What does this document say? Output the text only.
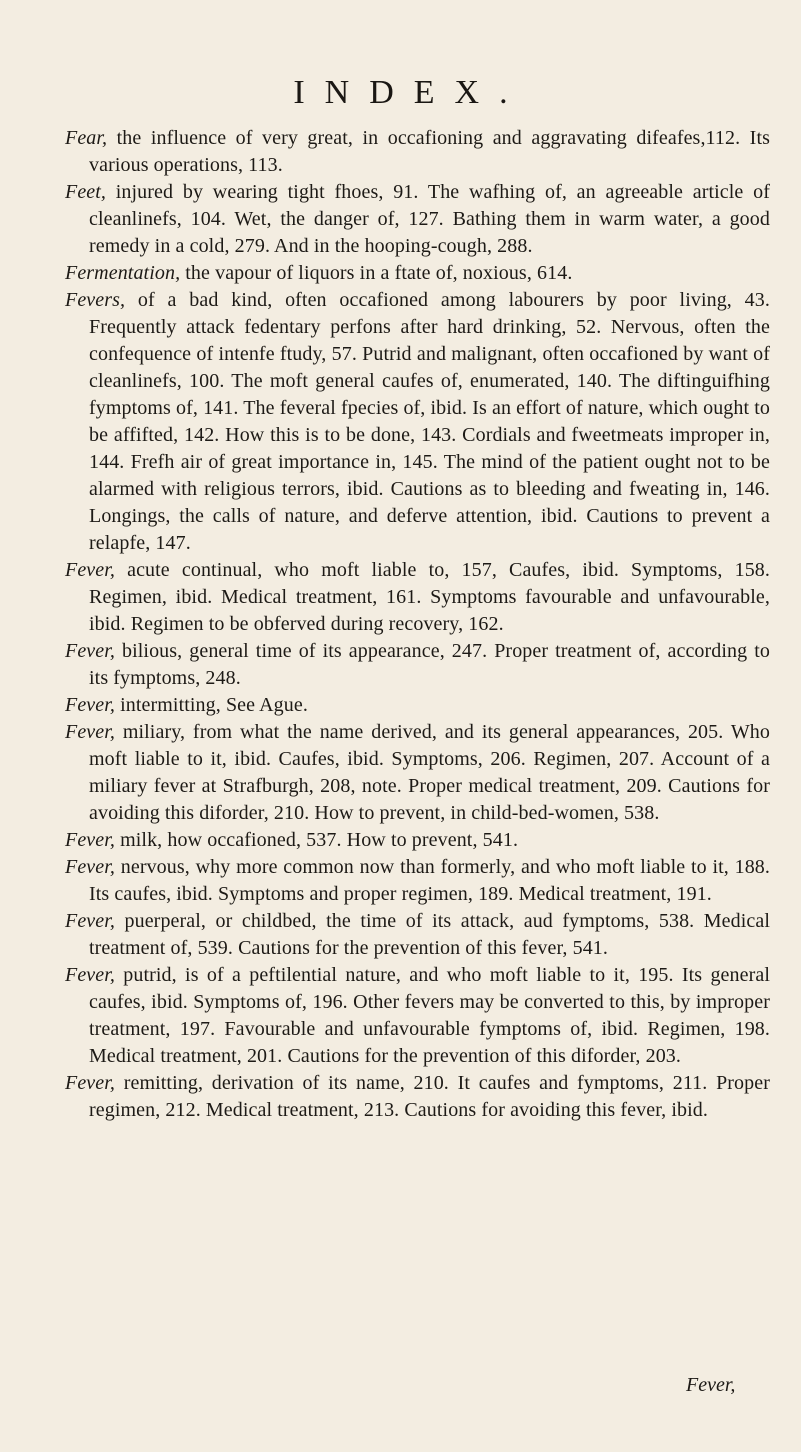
INDEX.

Fear, the influence of very great, in occafioning and aggravating difeafes,112. Its various operations, 113.

Feet, injured by wearing tight fhoes, 91. The wafhing of, an agreeable article of cleanlinefs, 104. Wet, the danger of, 127. Bathing them in warm water, a good remedy in a cold, 279. And in the hooping-cough, 288.

Fermentation, the vapour of liquors in a ftate of, noxious, 614.

Fevers, of a bad kind, often occafioned among labourers by poor living, 43. Frequently attack fedentary perfons after hard drinking, 52. Nervous, often the confequence of intenfe ftudy, 57. Putrid and malignant, often occafioned by want of cleanlinefs, 100. The moft general caufes of, enumerated, 140. The diftinguifhing fymptoms of, 141. The feveral fpecies of, ibid. Is an effort of nature, which ought to be affifted, 142. How this is to be done, 143. Cordials and fweetmeats improper in, 144. Frefh air of great importance in, 145. The mind of the patient ought not to be alarmed with religious terrors, ibid. Cautions as to bleeding and fweating in, 146. Longings, the calls of nature, and deferve attention, ibid. Cautions to prevent a relapfe, 147.

Fever, acute continual, who moft liable to, 157, Caufes, ibid. Symptoms, 158. Regimen, ibid. Medical treatment, 161. Symptoms favourable and unfavourable, ibid. Regimen to be obferved during recovery, 162.

Fever, bilious, general time of its appearance, 247. Proper treatment of, according to its fymptoms, 248.

Fever, intermitting, See Ague.

Fever, miliary, from what the name derived, and its general appearances, 205. Who moft liable to it, ibid. Caufes, ibid. Symptoms, 206. Regimen, 207. Account of a miliary fever at Strafburgh, 208, note. Proper medical treatment, 209. Cautions for avoiding this diforder, 210. How to prevent, in child-bed-women, 538.

Fever, milk, how occafioned, 537. How to prevent, 541.

Fever, nervous, why more common now than formerly, and who moft liable to it, 188. Its caufes, ibid. Symptoms and proper regimen, 189. Medical treatment, 191.

Fever, puerperal, or childbed, the time of its attack, aud fymptoms, 538. Medical treatment of, 539. Cautions for the prevention of this fever, 541.

Fever, putrid, is of a peftilential nature, and who moft liable to it, 195. Its general caufes, ibid. Symptoms of, 196. Other fevers may be converted to this, by improper treatment, 197. Favourable and unfavourable fymptoms of, ibid. Regimen, 198. Medical treatment, 201. Cautions for the prevention of this diforder, 203.

Fever, remitting, derivation of its name, 210. It caufes and fymptoms, 211. Proper regimen, 212. Medical treatment, 213. Cautions for avoiding this fever, ibid.

Fever,
